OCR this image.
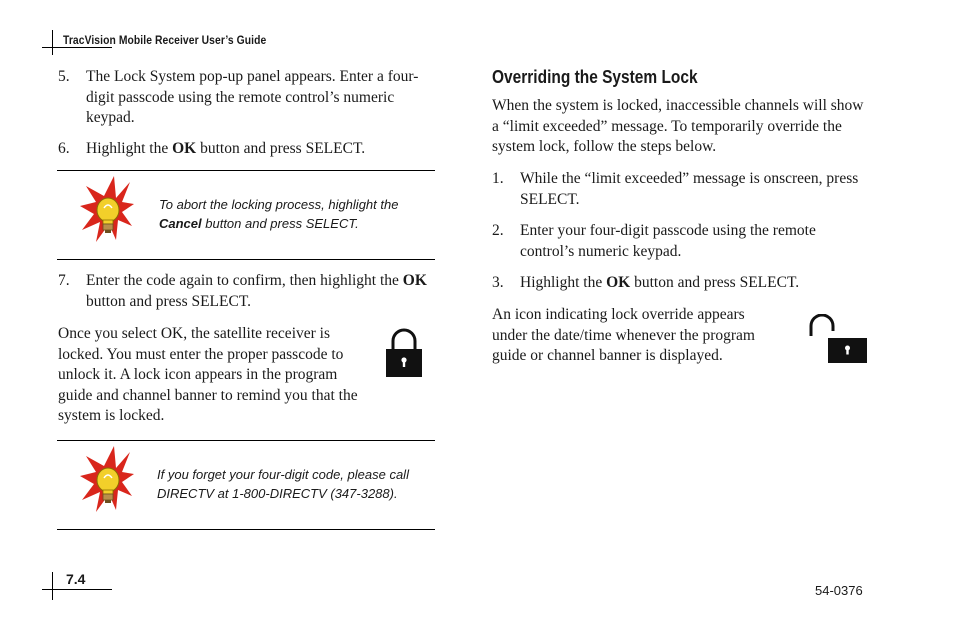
TracVision Mobile Receiver User’s Guide
5.	The Lock System pop-up panel appears. Enter a four-digit passcode using the remote control’s numeric keypad.
6.	Highlight the OK button and press SELECT.
To abort the locking process, highlight the Cancel button and press SELECT.
7.	Enter the code again to confirm, then highlight the OK button and press SELECT.
Once you select OK, the satellite receiver is locked. You must enter the proper passcode to unlock it. A lock icon appears in the program guide and channel banner to remind you that the system is locked.
If you forget your four-digit code, please call DIRECTV at 1-800-DIRECTV (347-3288).
Overriding the System Lock
When the system is locked, inaccessible channels will show a “limit exceeded” message. To temporarily override the system lock, follow the steps below.
1.	While the “limit exceeded” message is onscreen, press SELECT.
2.	Enter your four-digit passcode using the remote control’s numeric keypad.
3.	Highlight the OK button and press SELECT.
An icon indicating lock override appears under the date/time whenever the program guide or channel banner is displayed.
7.4
54-0376
